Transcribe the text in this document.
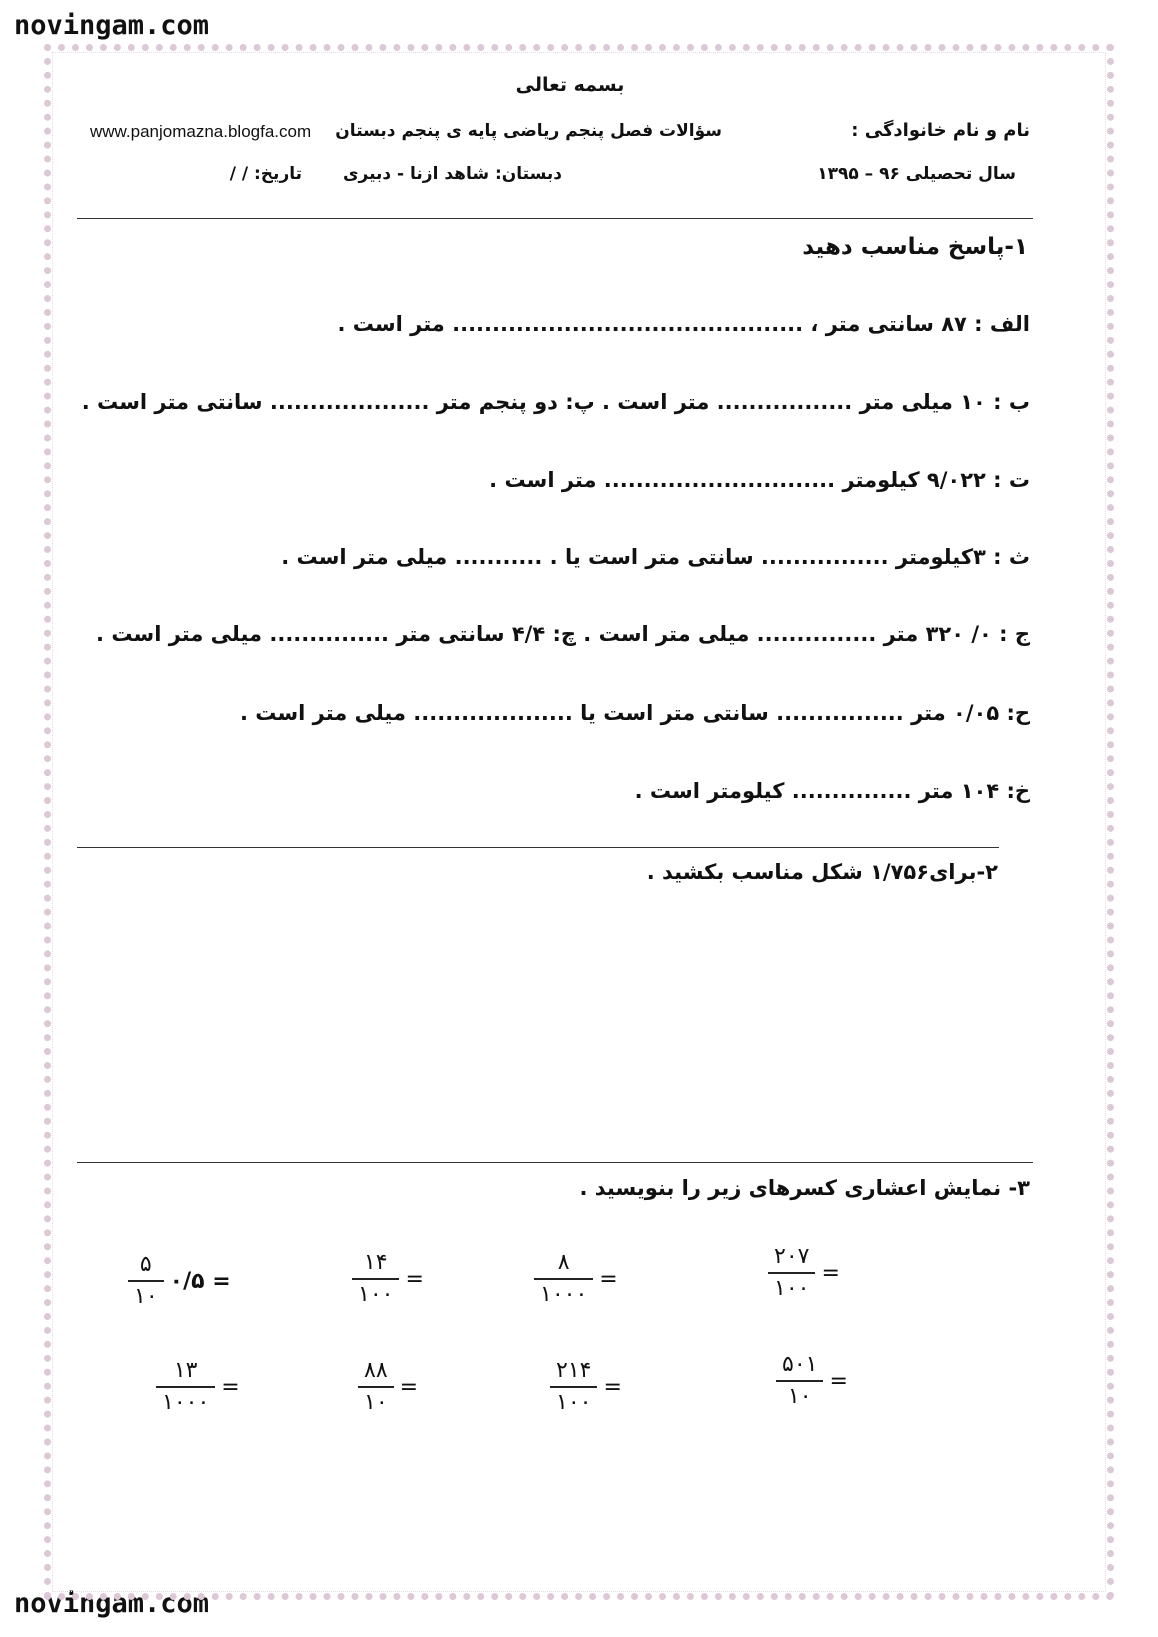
novingam.com
novingam.com
بسمه تعالی
نام و نام خانوادگی :
سؤالات فصل پنجم ریاضی پایه ی پنجم دبستان
www.panjomazna.blogfa.com
سال تحصیلی ۹۶ – ۱۳۹۵
دبستان: شاهد ازنا - دبیری
تاریخ: / /
۱-پاسخ مناسب دهید
الف : ۸۷ سانتی متر ، ............................................ متر است .
ب : ۱۰ میلی متر ................. متر است . پ: دو پنجم متر .................... سانتی متر است .
ت : ۹/۰۲۲ کیلومتر ............................. متر است .
ث : ۳کیلومتر ................ سانتی متر است یا . ........... میلی متر است .
ج : ۰/ ۳۲۰ متر ............... میلی متر است . چ: ۴/۴ سانتی متر ............... میلی متر است .
ح: ۰/۰۵ متر ................ سانتی متر است یا .................... میلی متر است .
خ: ۱۰۴ متر ............... کیلومتر است .
۲-برای۱/۷۵۶ شکل مناسب بکشید .
۳- نمایش اعشاری کسرهای زیر را بنویسید .
$\frac{۲۰۷}{۱۰۰}$ =
$\frac{۸}{۱۰۰۰}$ =
$\frac{۱۴}{۱۰۰}$ =
$\frac{۵}{۱۰}$ = ۰/۵
$\frac{۵۰۱}{۱۰}$ =
$\frac{۲۱۴}{۱۰۰}$ =
$\frac{۸۸}{۱۰}$ =
$\frac{۱۳}{۱۰۰۰}$ =
